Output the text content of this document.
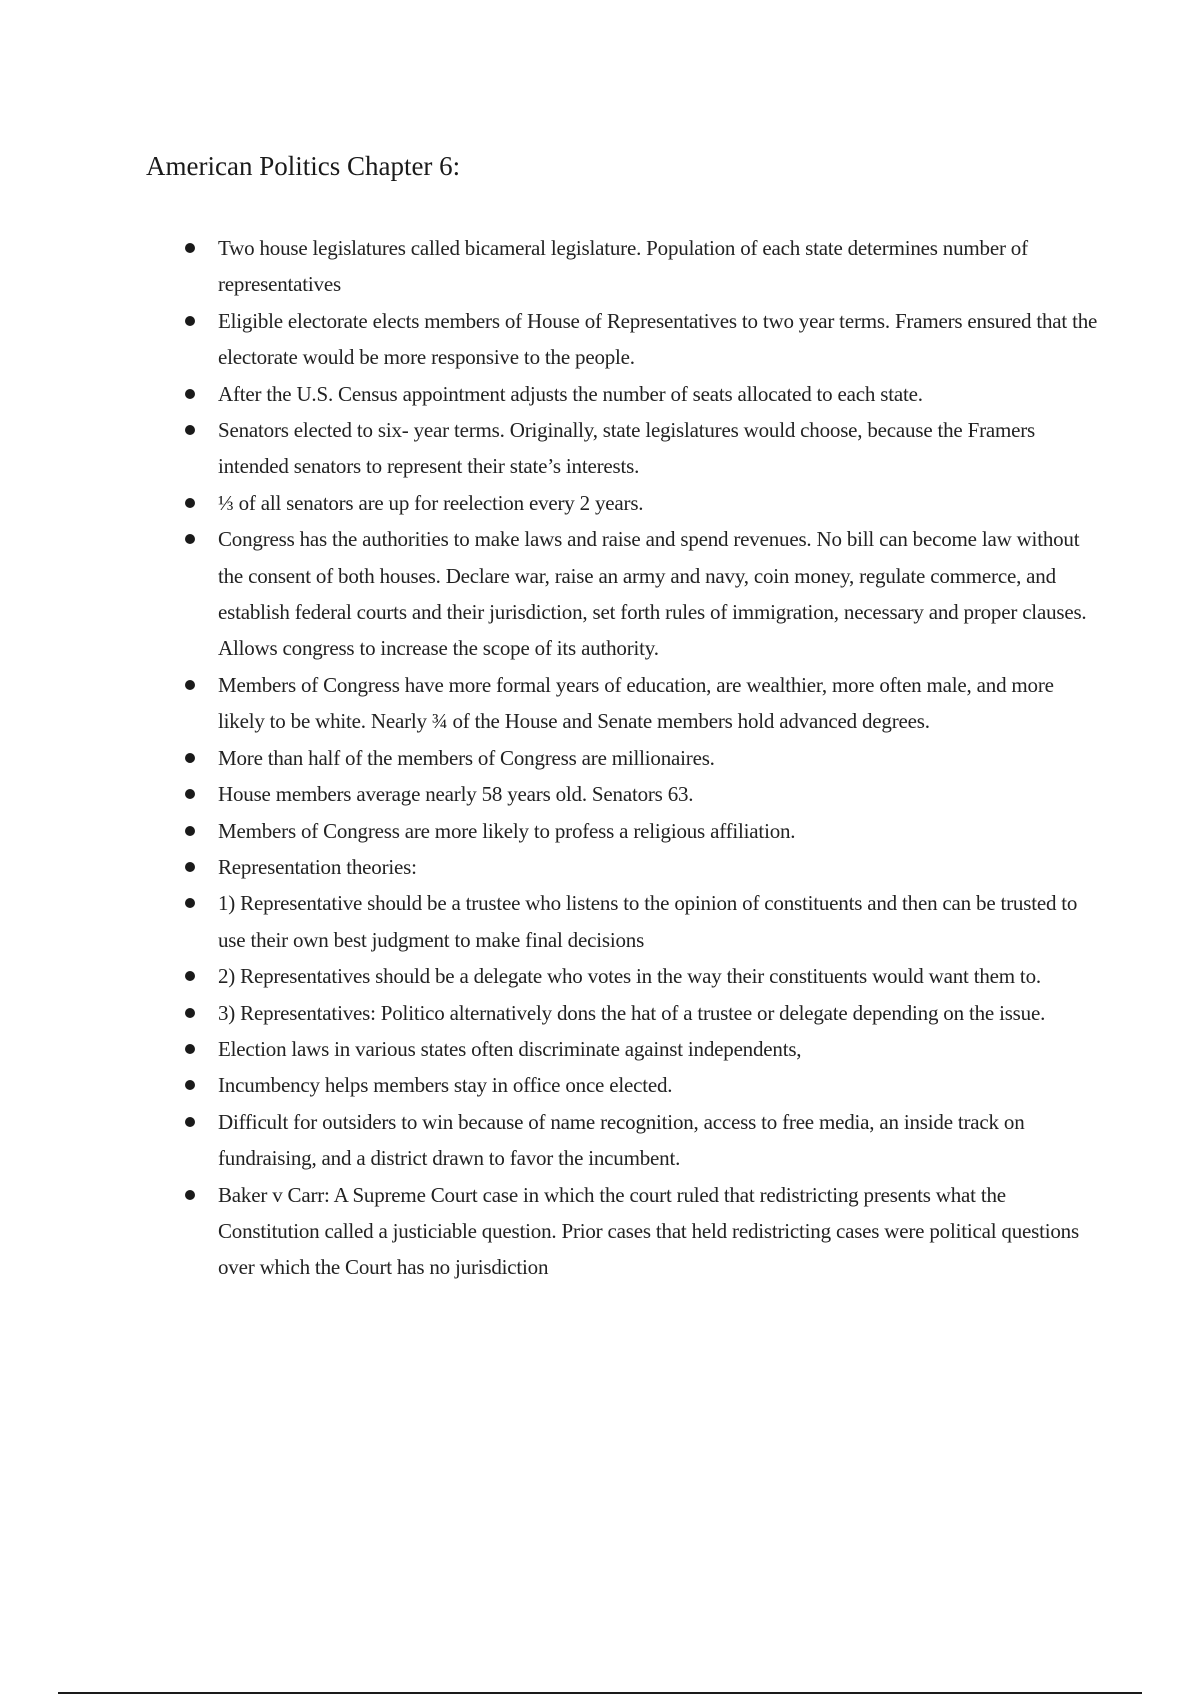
American Politics Chapter 6:
Two house legislatures called bicameral legislature. Population of each state determines number of representatives
Eligible electorate elects members of House of Representatives to two year terms. Framers ensured that the electorate would be more responsive to the people.
After the U.S. Census appointment adjusts the number of seats allocated to each state.
Senators elected to six- year terms. Originally, state legislatures would choose, because the Framers intended senators to represent their state’s interests.
⅓ of all senators are up for reelection every 2 years.
Congress has the authorities to make laws and raise and spend revenues. No bill can become law without the consent of both houses. Declare war, raise an army and navy, coin money, regulate commerce, and establish federal courts and their jurisdiction, set forth rules of immigration, necessary and proper clauses. Allows congress to increase the scope of its authority.
Members of Congress have more formal years of education, are wealthier, more often male, and more likely to be white. Nearly ¾ of the House and Senate members hold advanced degrees.
More than half of the members of Congress are millionaires.
House members average nearly 58 years old. Senators 63.
Members of Congress are more likely to profess a religious affiliation.
Representation theories:
1) Representative should be a trustee who listens to the opinion of constituents and then can be trusted to use their own best judgment to make final decisions
2) Representatives should be a delegate who votes in the way their constituents would want them to.
3) Representatives: Politico alternatively dons the hat of a trustee or delegate depending on the issue.
Election laws in various states often discriminate against independents,
Incumbency helps members stay in office once elected.
Difficult for outsiders to win because of name recognition, access to free media, an inside track on fundraising, and a district drawn to favor the incumbent.
Baker v Carr: A Supreme Court case in which the court ruled that redistricting presents what the Constitution called a justiciable question. Prior cases that held redistricting cases were political questions over which the Court has no jurisdiction
